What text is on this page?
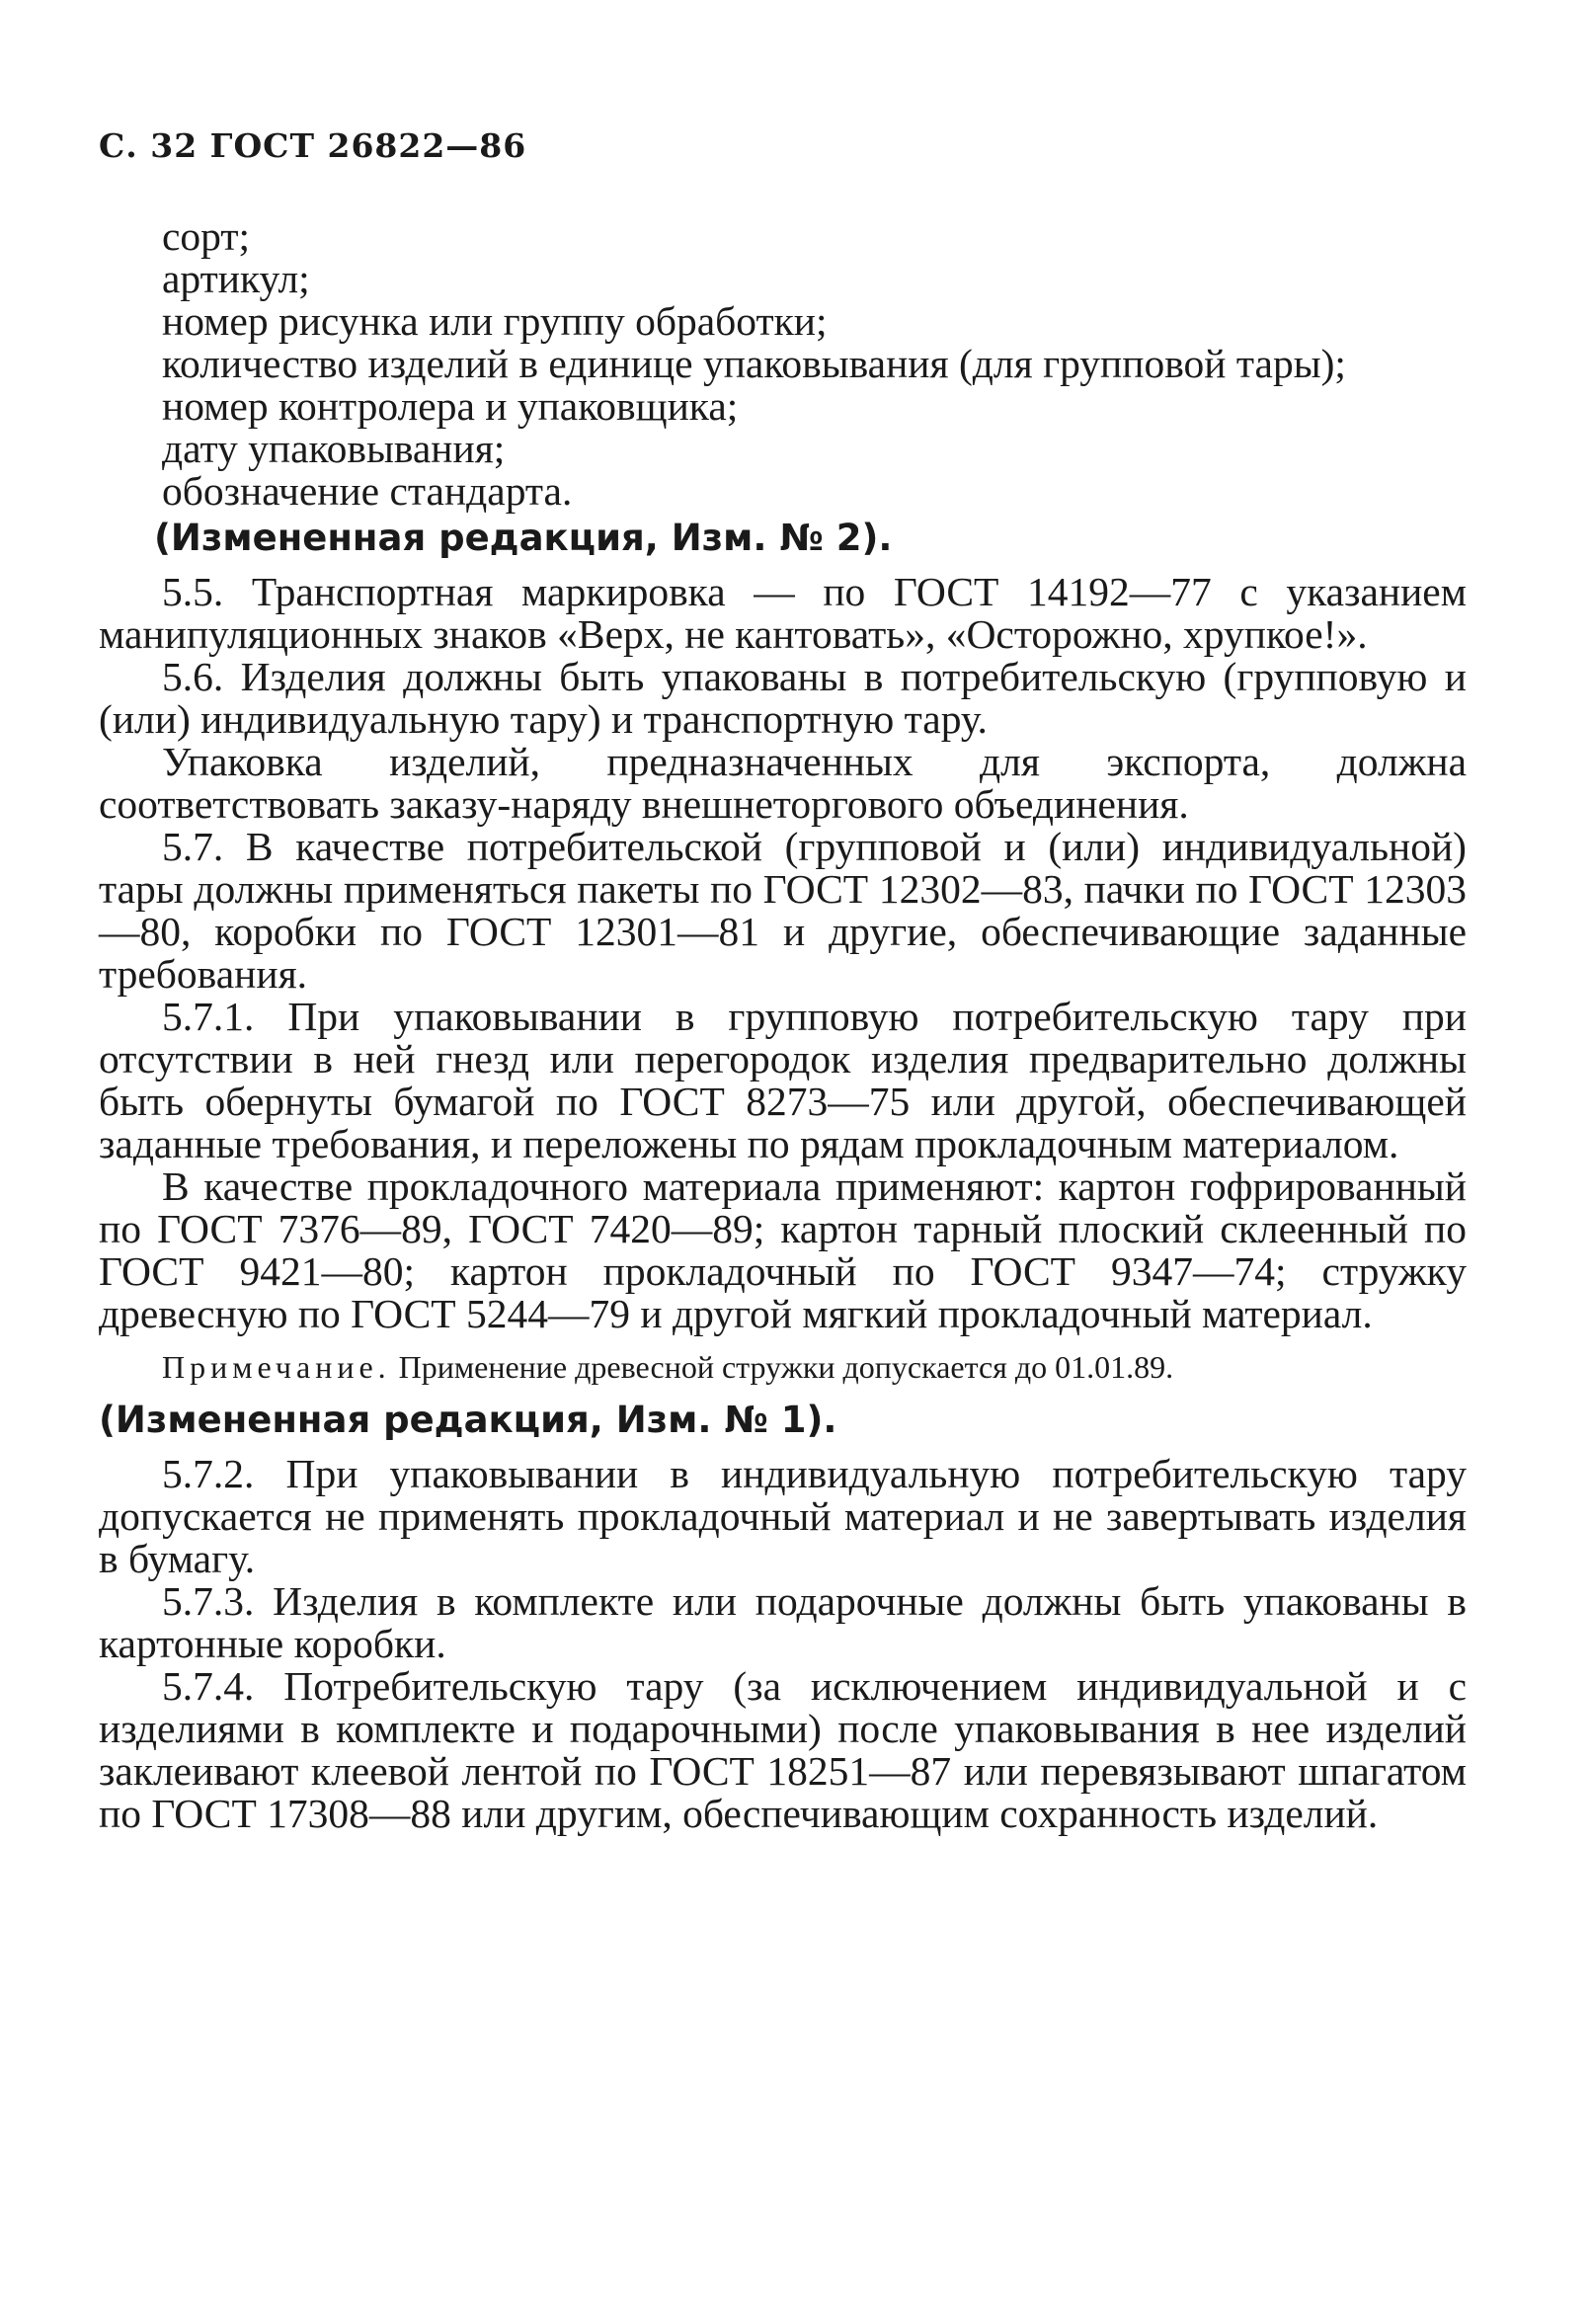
С. 32 ГОСТ 26822—86

сорт;

артикул;

номер рисунка или группу обработки;

количество изделий в единице упаковывания (для групповой тары);

номер контролера и упаковщика;

дату упаковывания;

обозначение стандарта.

(Измененная редакция, Изм. № 2).

5.5. Транспортная маркировка — по ГОСТ 14192—77 с указанием манипуляционных знаков «Верх, не кантовать», «Осторожно, хрупкое!».

5.6. Изделия должны быть упакованы в потребительскую (групповую и (или) индивидуальную тару) и транспортную тару.

Упаковка изделий, предназначенных для экспорта, должна соответствовать заказу-наряду внешнеторгового объединения.

5.7. В качестве потребительской (групповой и (или) индивидуальной) тары должны применяться пакеты по ГОСТ 12302—83, пачки по ГОСТ 12303—80, коробки по ГОСТ 12301—81 и другие, обеспечивающие заданные требования.

5.7.1. При упаковывании в групповую потребительскую тару при отсутствии в ней гнезд или перегородок изделия предварительно должны быть обернуты бумагой по ГОСТ 8273—75 или другой, обеспечивающей заданные требования, и переложены по рядам прокладочным материалом.

В качестве прокладочного материала применяют: картон гофрированный по ГОСТ 7376—89, ГОСТ 7420—89; картон тарный плоский склеенный по ГОСТ 9421—80; картон прокладочный по ГОСТ 9347—74; стружку древесную по ГОСТ 5244—79 и другой мягкий прокладочный материал.

Примечание. Применение древесной стружки допускается до 01.01.89.

(Измененная редакция, Изм. № 1).

5.7.2. При упаковывании в индивидуальную потребительскую тару допускается не применять прокладочный материал и не завертывать изделия в бумагу.

5.7.3. Изделия в комплекте или подарочные должны быть упакованы в картонные коробки.

5.7.4. Потребительскую тару (за исключением индивидуальной и с изделиями в комплекте и подарочными) после упаковывания в нее изделий заклеивают клеевой лентой по ГОСТ 18251—87 или перевязывают шпагатом по ГОСТ 17308—88 или другим, обеспечивающим сохранность изделий.
